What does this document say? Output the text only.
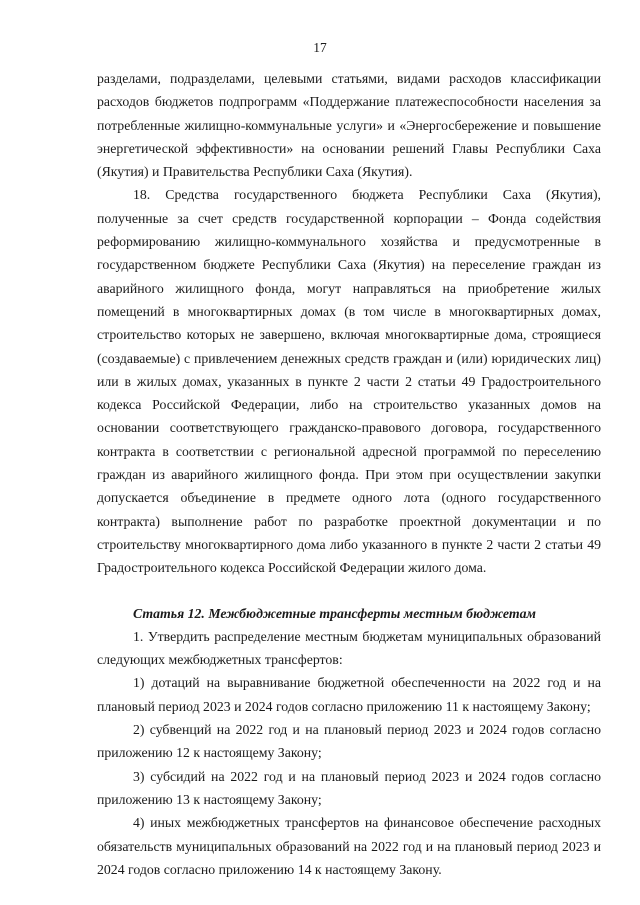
17

разделами, подразделами, целевыми статьями, видами расходов классификации расходов бюджетов подпрограмм «Поддержание платежеспособности населения за потребленные жилищно-коммунальные услуги» и «Энергосбережение и повышение энергетической эффективности» на основании решений Главы Республики Саха (Якутия) и Правительства Республики Саха (Якутия).

18. Средства государственного бюджета Республики Саха (Якутия), полученные за счет средств государственной корпорации – Фонда содействия реформированию жилищно-коммунального хозяйства и предусмотренные в государственном бюджете Республики Саха (Якутия) на переселение граждан из аварийного жилищного фонда, могут направляться на приобретение жилых помещений в многоквартирных домах (в том числе в многоквартирных домах, строительство которых не завершено, включая многоквартирные дома, строящиеся (создаваемые) с привлечением денежных средств граждан и (или) юридических лиц) или в жилых домах, указанных в пункте 2 части 2 статьи 49 Градостроительного кодекса Российской Федерации, либо на строительство указанных домов на основании соответствующего гражданско-правового договора, государственного контракта в соответствии с региональной адресной программой по переселению граждан из аварийного жилищного фонда. При этом при осуществлении закупки допускается объединение в предмете одного лота (одного государственного контракта) выполнение работ по разработке проектной документации и по строительству многоквартирного дома либо указанного в пункте 2 части 2 статьи 49

Градостроительного кодекса Российской Федерации жилого дома.

Статья 12. Межбюджетные трансферты местным бюджетам

1. Утвердить распределение местным бюджетам муниципальных образований следующих межбюджетных трансфертов:

1) дотаций на выравнивание бюджетной обеспеченности на 2022 год и на плановый период 2023 и 2024 годов согласно приложению 11 к настоящему Закону;

2) субвенций на 2022 год и на плановый период 2023 и 2024 годов согласно приложению 12 к настоящему Закону;

3) субсидий на 2022 год и на плановый период 2023 и 2024 годов согласно приложению 13 к настоящему Закону;

4) иных межбюджетных трансфертов на финансовое обеспечение расходных обязательств муниципальных образований на 2022 год и на плановый период 2023 и 2024 годов согласно приложению 14 к настоящему Закону.
